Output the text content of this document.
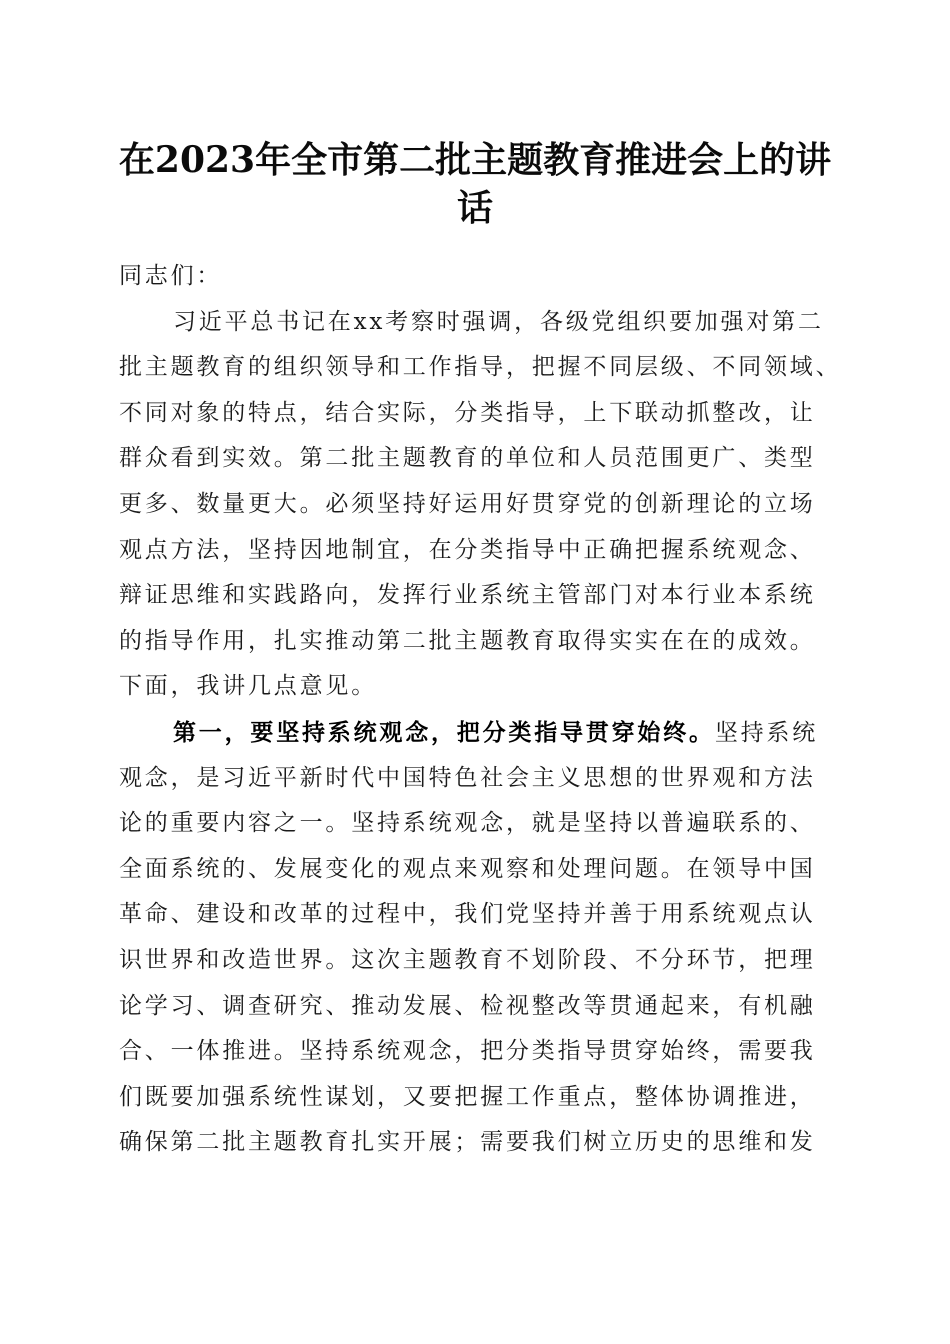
在2023年全市第二批主题教育推进会上的讲话
同志们：
习近平总书记在xx考察时强调，各级党组织要加强对第二
批主题教育的组织领导和工作指导，把握不同层级、不同领域、
不同对象的特点，结合实际，分类指导，上下联动抓整改，让
群众看到实效。第二批主题教育的单位和人员范围更广、类型
更多、数量更大。必须坚持好运用好贯穿党的创新理论的立场
观点方法，坚持因地制宜，在分类指导中正确把握系统观念、
辩证思维和实践路向，发挥行业系统主管部门对本行业本系统
的指导作用，扎实推动第二批主题教育取得实实在在的成效。
下面，我讲几点意见。
第一，要坚持系统观念，把分类指导贯穿始终。坚持系统
观念，是习近平新时代中国特色社会主义思想的世界观和方法
论的重要内容之一。坚持系统观念，就是坚持以普遍联系的、
全面系统的、发展变化的观点来观察和处理问题。在领导中国
革命、建设和改革的过程中，我们党坚持并善于用系统观点认
识世界和改造世界。这次主题教育不划阶段、不分环节，把理
论学习、调查研究、推动发展、检视整改等贯通起来，有机融
合、一体推进。坚持系统观念，把分类指导贯穿始终，需要我
们既要加强系统性谋划，又要把握工作重点，整体协调推进，
确保第二批主题教育扎实开展；需要我们树立历史的思维和发
